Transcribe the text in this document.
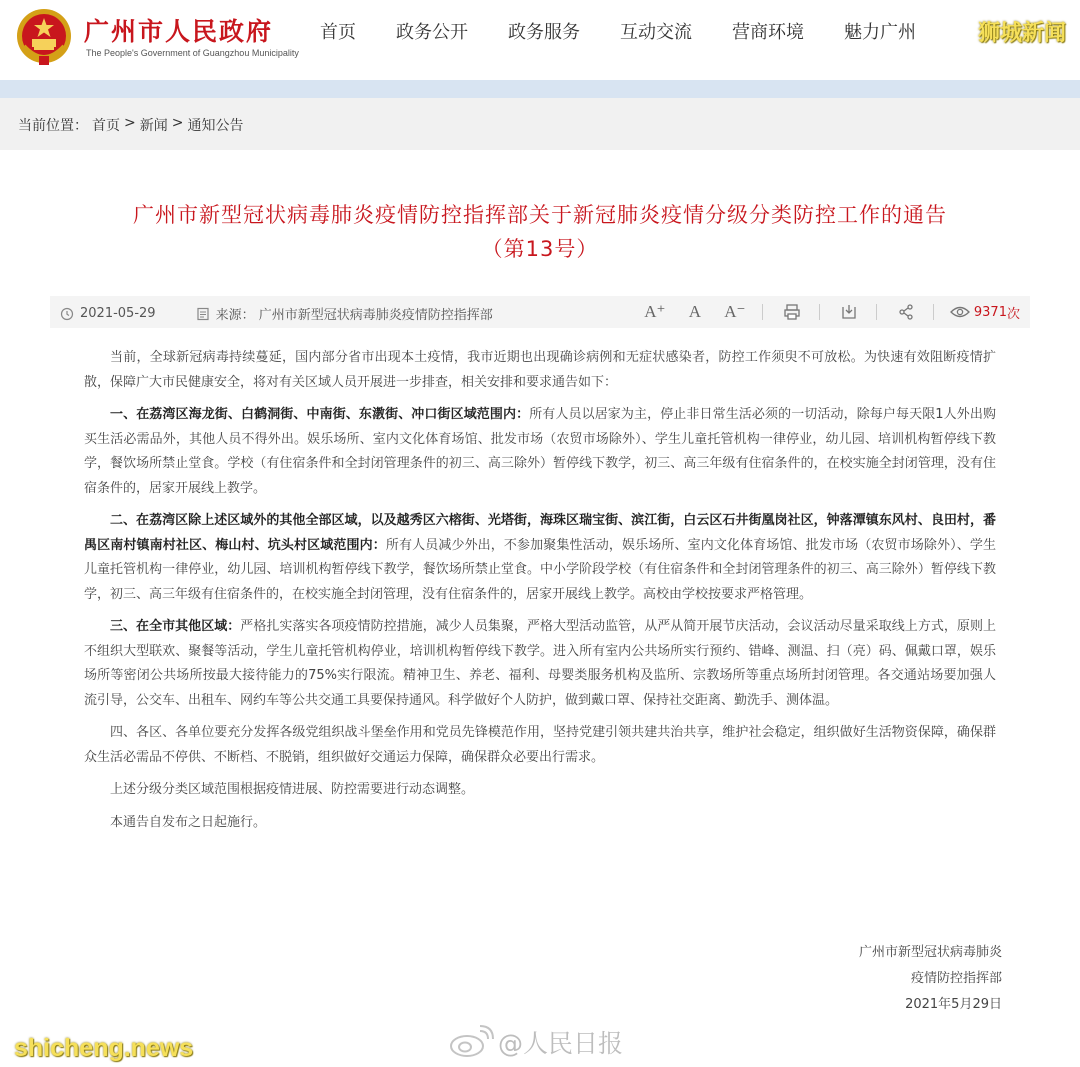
广州市人民政府
The People's Government of Guangzhou Municipality
首页 政务公开 政务服务 互动交流 营商环境 魅力广州	狮城新闻
当前位置： 首页 > 新闻 > 通知公告
广州市新型冠状病毒肺炎疫情防控指挥部关于新冠肺炎疫情分级分类防控工作的通告
（第13号）
2021-05-29	来源： 广州市新型冠状病毒肺炎疫情防控指挥部	A⁺ A A⁻	9371 次

当前，全球新冠病毒持续蔓延，国内部分省市出现本土疫情，我市近期也出现确诊病例和无症状感染者，防控工作须臾不可放松。为快速有效阻断疫情扩散，保障广大市民健康安全，将对有关区域人员开展进一步排查，相关安排和要求通告如下：

一、在荔湾区海龙街、白鹤洞街、中南街、东漖街、冲口街区域范围内：所有人员以居家为主，停止非日常生活必须的一切活动，除每户每天限1人外出购买生活必需品外，其他人员不得外出。娱乐场所、室内文化体育场馆、批发市场（农贸市场除外）、学生儿童托管机构一律停业，幼儿园、培训机构暂停线下教学，餐饮场所禁止堂食。学校（有住宿条件和全封闭管理条件的初三、高三除外）暂停线下教学，初三、高三年级有住宿条件的，在校实施全封闭管理，没有住宿条件的，居家开展线上教学。

二、在荔湾区除上述区域外的其他全部区域，以及越秀区六榕街、光塔街，海珠区瑞宝街、滨江街，白云区石井街凰岗社区，钟落潭镇东风村、良田村，番禺区南村镇南村社区、梅山村、坑头村区域范围内：所有人员减少外出，不参加聚集性活动，娱乐场所、室内文化体育场馆、批发市场（农贸市场除外）、学生儿童托管机构一律停业，幼儿园、培训机构暂停线下教学，餐饮场所禁止堂食。中小学阶段学校（有住宿条件和全封闭管理条件的初三、高三除外）暂停线下教学，初三、高三年级有住宿条件的，在校实施全封闭管理，没有住宿条件的，居家开展线上教学。高校由学校按要求严格管理。

三、在全市其他区域：严格扎实落实各项疫情防控措施，减少人员集聚，严格大型活动监管，从严从简开展节庆活动，会议活动尽量采取线上方式，原则上不组织大型联欢、聚餐等活动，学生儿童托管机构停业，培训机构暂停线下教学。进入所有室内公共场所实行预约、错峰、测温、扫（亮）码、佩戴口罩，娱乐场所等密闭公共场所按最大接待能力的75%实行限流。精神卫生、养老、福利、母婴类服务机构及监所、宗教场所等重点场所封闭管理。各交通站场要加强人流引导，公交车、出租车、网约车等公共交通工具要保持通风。科学做好个人防护，做到戴口罩、保持社交距离、勤洗手、测体温。

四、各区、各单位要充分发挥各级党组织战斗堡垒作用和党员先锋模范作用，坚持党建引领共建共治共享，维护社会稳定，组织做好生活物资保障，确保群众生活必需品不停供、不断档、不脱销，组织做好交通运力保障，确保群众必要出行需求。

上述分级分类区域范围根据疫情进展、防控需要进行动态调整。

本通告自发布之日起施行。

广州市新型冠状病毒肺炎
疫情防控指挥部
2021年5月29日
shicheng.news	@人民日报
